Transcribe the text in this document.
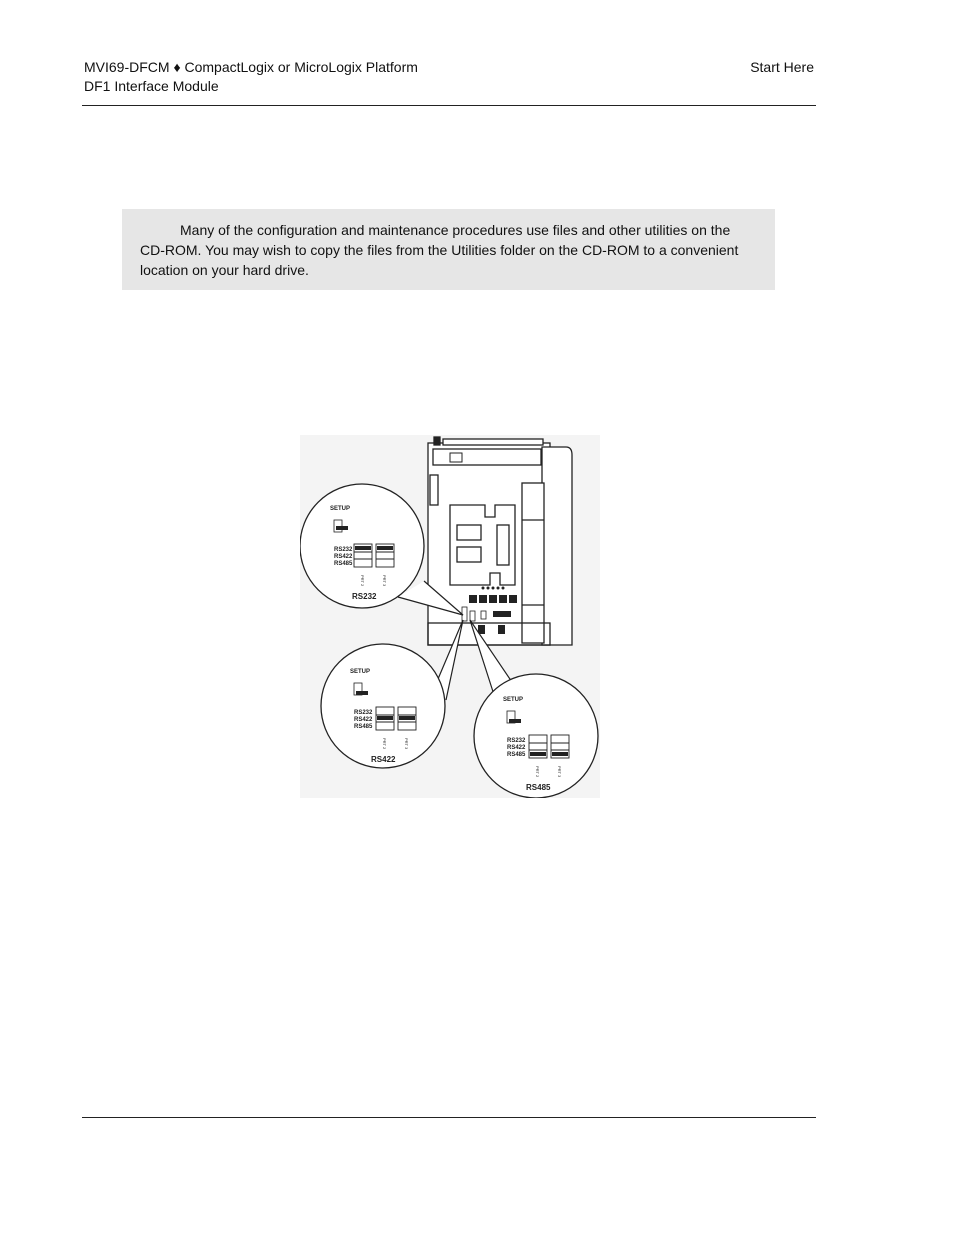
MVI69-DFCM ♦ CompactLogix or MicroLogix Platform
DF1 Interface Module
Start Here
Many of the configuration and maintenance procedures use files and other utilities on the CD-ROM. You may wish to copy the files from the Utilities folder on the CD-ROM to a convenient location on your hard drive.
SETUP
RS232
RS422
RS485
PRT 2	PRT 3
RS232
SETUP
RS232
RS422
RS485
PRT 2	PRT 3
RS422
SETUP
RS232
RS422
RS485
PRT 2	PRT 3
RS485
